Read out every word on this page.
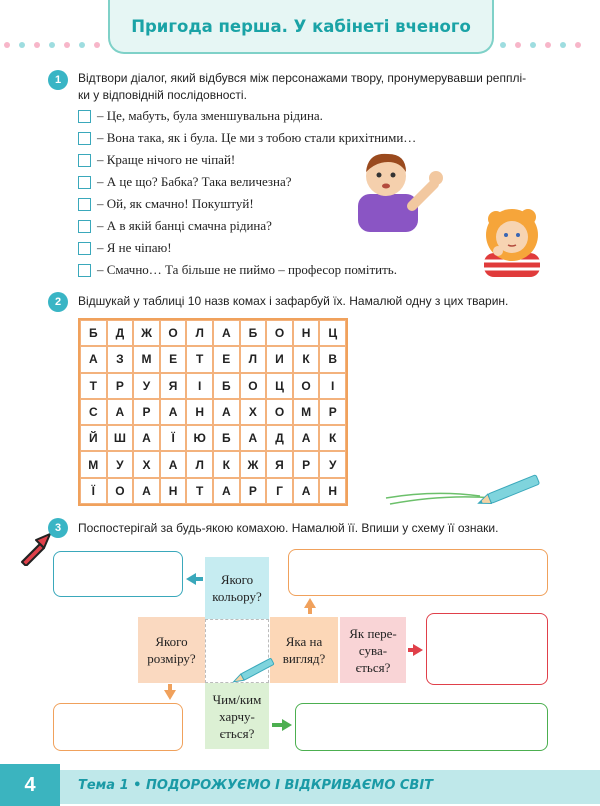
Пригода перша. У кабінеті вченого
1	Відтвори діалог, який відбувся між персонажами твору, пронумерувавши репплі-
ки у відповідній послідовності.
– Це, мабуть, була зменшувальна рідина.
– Вона така, як і була. Це ми з тобою стали крихітними…
– Краще нічого не чіпай!
– А це що? Бабка? Така величезна?
– Ой, як смачно! Покуштуй!
– А в якій банці смачна рідина?
– Я не чіпаю!
– Смачно… Та більше не пиймо – професор помітить.
2	Відшукай у таблиці 10 назв комах і зафарбуй їх. Намалюй одну з цих тварин.
Б	Д	Ж	О	Л	А	Б	О	Н	Ц
А	З	М	Е	Т	Е	Л	И	К	В
Т	Р	У	Я	І	Б	О	Ц	О	І
С	А	Р	А	Н	А	Х	О	М	Р
Й	Ш	А	Ї	Ю	Б	А	Д	А	К
М	У	Х	А	Л	К	Ж	Я	Р	У
Ї	О	А	Н	Т	А	Р	Г	А	Н
3	Поспостерігай за будь-якою комахою. Намалюй її. Впиши у схему її ознаки.
Якого
кольору?
Якого
розміру?
Яка на
вигляд?
Як пере-
сува-
ється?
Чим/ким
харчу-
ється?
4	Тема 1 • ПОДОРОЖУЄМО І ВІДКРИВАЄМО СВІТ
